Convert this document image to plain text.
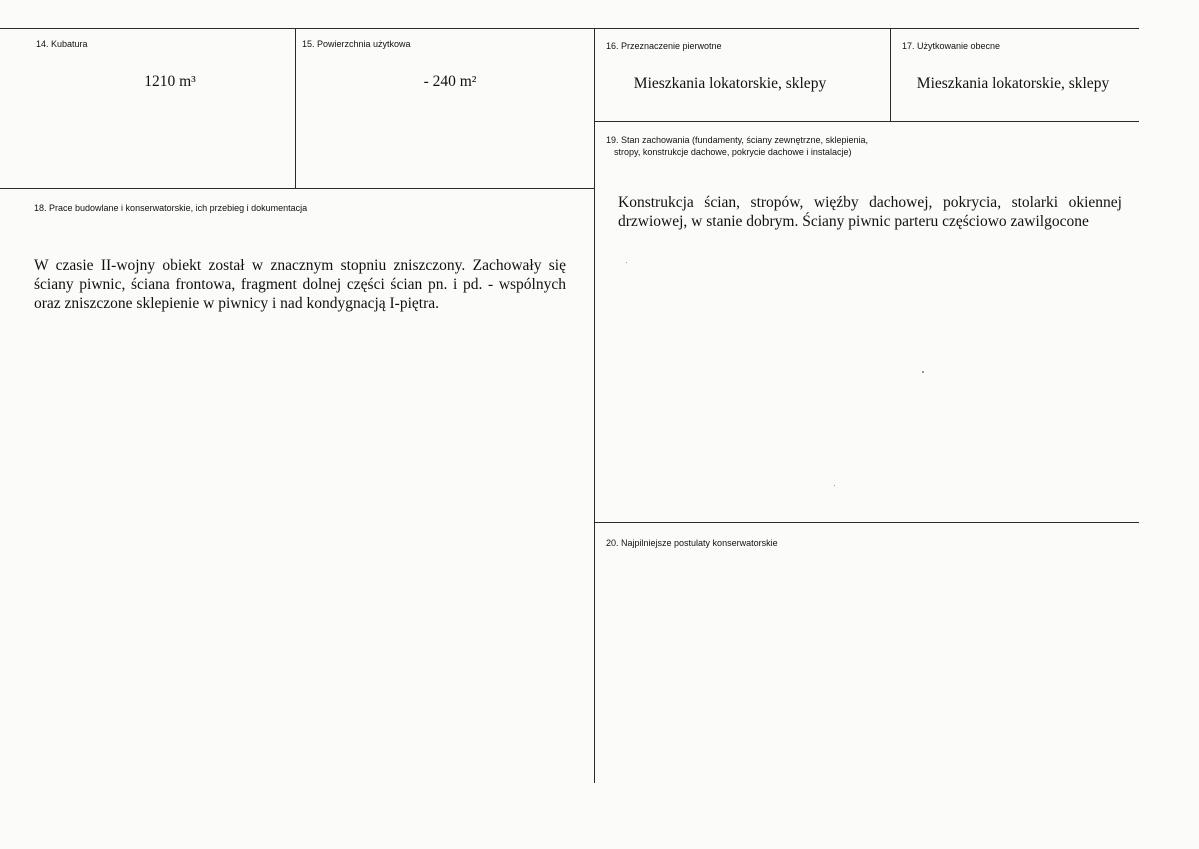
14. Kubatura
1210 m³
15. Powierzchnia użytkowa
- 240 m²
16. Przeznaczenie pierwotne
Mieszkania lokatorskie, sklepy
17. Użytkowanie obecne
Mieszkania lokatorskie, sklepy
19. Stan zachowania (fundamenty, ściany zewnętrzne, sklepienia,
stropy, konstrukcje dachowe, pokrycie dachowe i instalacje)
Konstrukcja ścian, stropów, więźby dachowej, pokrycia, stolarki okiennej drzwiowej, w stanie dobrym. Ściany piwnic parteru częściowo zawilgocone
18. Prace budowlane i konserwatorskie, ich przebieg i dokumentacja
W czasie II-wojny obiekt został w znacznym stopniu zniszczony. Zachowały się ściany piwnic, ściana frontowa, fragment dolnej części ścian pn. i pd. - wspólnych oraz zniszczone sklepienie w piwnicy i nad kondygnacją I-piętra.
20. Najpilniejsze postulaty konserwatorskie
